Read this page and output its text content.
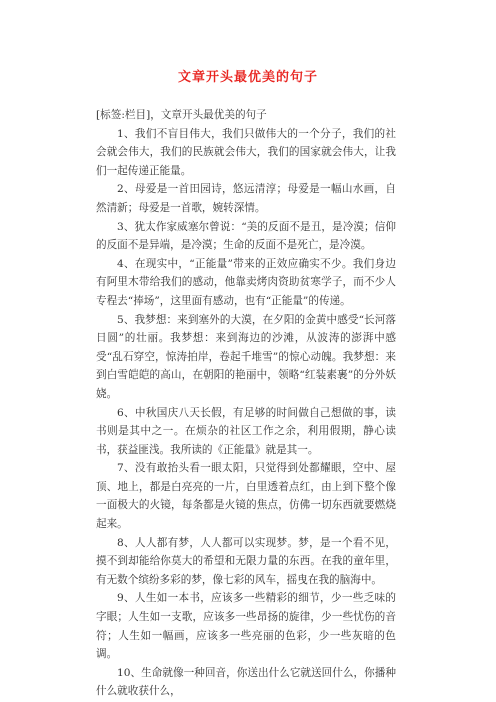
文章开头最优美的句子

[标签:栏目]，文章开头最优美的句子

1、我们不盲目伟大，我们只做伟大的一个分子，我们的社会就会伟大，我们的民族就会伟大，我们的国家就会伟大，让我们一起传递正能量。

2、母爱是一首田园诗，悠远清淳；母爱是一幅山水画，自然清新；母爱是一首歌，婉转深情。

3、犹太作家威塞尔曾说：“美的反面不是丑，是冷漠；信仰的反面不是异端，是冷漠；生命的反面不是死亡，是冷漠。

4、在现实中，“正能量”带来的正效应确实不少。我们身边有阿里木带给我们的感动，他靠卖烤肉资助贫寒学子，而不少人专程去“捧场”，这里面有感动，也有“正能量”的传递。

5、我梦想：来到塞外的大漠，在夕阳的金黄中感受“长河落日圆”的壮丽。我梦想：来到海边的沙滩，从波涛的澎湃中感受“乱石穿空，惊涛拍岸，卷起千堆雪”的惊心动魄。我梦想：来到白雪皑皑的高山，在朝阳的艳丽中，领略“红装素裹”的分外妖娆。

6、中秋国庆八天长假，有足够的时间做自己想做的事，读书则是其中之一。在烦杂的社区工作之余，利用假期，静心读书，获益匪浅。我所读的《正能量》就是其一。

7、没有敢抬头看一眼太阳，只觉得到处都耀眼，空中、屋顶、地上，都是白亮亮的一片，白里透着点红，由上到下整个像一面极大的火镜，每条都是火镜的焦点，仿佛一切东西就要燃烧起来。

8、人人都有梦，人人都可以实现梦。梦，是一个看不见，摸不到却能给你莫大的希望和无限力量的东西。在我的童年里，有无数个缤纷多彩的梦，像七彩的风车，摇曳在我的脑海中。

9、人生如一本书，应该多一些精彩的细节，少一些乏味的字眼；人生如一支歌，应该多一些昂扬的旋律，少一些忧伤的音符；人生如一幅画，应该多一些亮丽的色彩，少一些灰暗的色调。

10、生命就像一种回音，你送出什么它就送回什么，你播种什么就收获什么，
